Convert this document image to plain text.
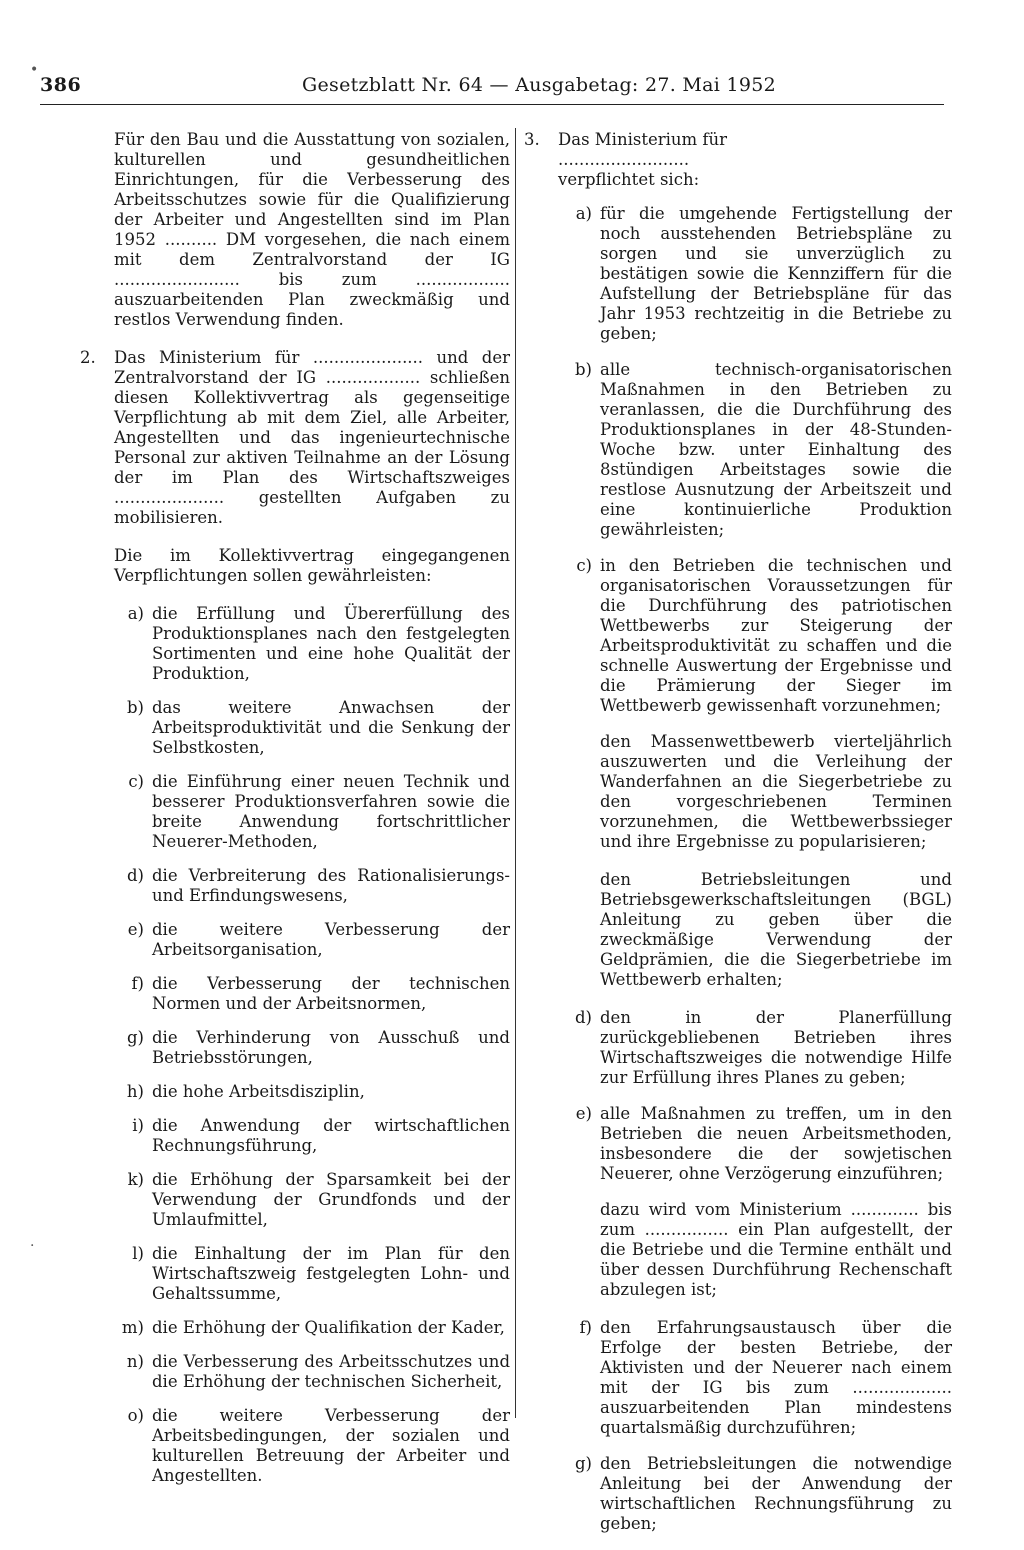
386	Gesetzblatt Nr. 64 — Ausgabetag: 27. Mai 1952

Für den Bau und die Ausstattung von sozialen, kulturellen und gesundheitlichen Einrichtungen, für die Verbesserung des Arbeitsschutzes sowie für die Qualifizierung der Arbeiter und Angestellten sind im Plan 1952 .......... DM vorgesehen, die nach einem mit dem Zentralvorstand der IG ........................ bis zum .................. auszuarbeitenden Plan zweckmäßig und restlos Verwendung finden.

2.	Das Ministerium für ..................... und der Zentralvorstand der IG .................. schließen diesen Kollektivvertrag als gegenseitige Verpflichtung ab mit dem Ziel, alle Arbeiter, Angestellten und das ingenieurtechnische Personal zur aktiven Teilnahme an der Lösung der im Plan des Wirtschaftszweiges ..................... gestellten Aufgaben zu mobilisieren.

Die im Kollektivvertrag eingegangenen Verpflichtungen sollen gewährleisten:

a) die Erfüllung und Übererfüllung des Produktionsplanes nach den festgelegten Sortimenten und eine hohe Qualität der Produktion,
b) das weitere Anwachsen der Arbeitsproduktivität und die Senkung der Selbstkosten,
c) die Einführung einer neuen Technik und besserer Produktionsverfahren sowie die breite Anwendung fortschrittlicher Neuerer-Methoden,
d) die Verbreiterung des Rationalisierungs- und Erfindungswesens,
e) die weitere Verbesserung der Arbeitsorganisation,
f) die Verbesserung der technischen Normen und der Arbeitsnormen,
g) die Verhinderung von Ausschuß und Betriebsstörungen,
h) die hohe Arbeitsdisziplin,
i) die Anwendung der wirtschaftlichen Rechnungsführung,
k) die Erhöhung der Sparsamkeit bei der Verwendung der Grundfonds und der Umlaufmittel,
l) die Einhaltung der im Plan für den Wirtschaftszweig festgelegten Lohn- und Gehaltssumme,
m) die Erhöhung der Qualifikation der Kader,
n) die Verbesserung des Arbeitsschutzes und die Erhöhung der technischen Sicherheit,
o) die weitere Verbesserung der Arbeitsbedingungen, der sozialen und kulturellen Betreuung der Arbeiter und Angestellten.
3.	Das Ministerium für ......................... verpflichtet sich:

a) für die umgehende Fertigstellung der noch ausstehenden Betriebspläne zu sorgen und sie unverzüglich zu bestätigen sowie die Kennziffern für die Aufstellung der Betriebspläne für das Jahr 1953 rechtzeitig in die Betriebe zu geben;
b) alle technisch-organisatorischen Maßnahmen in den Betrieben zu veranlassen, die die Durchführung des Produktionsplanes in der 48-Stunden-Woche bzw. unter Einhaltung des 8stündigen Arbeitstages sowie die restlose Ausnutzung der Arbeitszeit und eine kontinuierliche Produktion gewährleisten;
c) in den Betrieben die technischen und organisatorischen Voraussetzungen für die Durchführung des patriotischen Wettbewerbs zur Steigerung der Arbeitsproduktivität zu schaffen und die schnelle Auswertung der Ergebnisse und die Prämierung der Sieger im Wettbewerb gewissenhaft vorzunehmen;

den Massenwettbewerb vierteljährlich auszuwerten und die Verleihung der Wanderfahnen an die Siegerbetriebe zu den vorgeschriebenen Terminen vorzunehmen, die Wettbewerbssieger und ihre Ergebnisse zu popularisieren;

den Betriebsleitungen und Betriebsgewerkschaftsleitungen (BGL) Anleitung zu geben über die zweckmäßige Verwendung der Geldprämien, die die Siegerbetriebe im Wettbewerb erhalten;

d) den in der Planerfüllung zurückgebliebenen Betrieben ihres Wirtschaftszweiges die notwendige Hilfe zur Erfüllung ihres Planes zu geben;
e) alle Maßnahmen zu treffen, um in den Betrieben die neuen Arbeitsmethoden, insbesondere die der sowjetischen Neuerer, ohne Verzögerung einzuführen;

dazu wird vom Ministerium ............. bis zum ................ ein Plan aufgestellt, der die Betriebe und die Termine enthält und über dessen Durchführung Rechenschaft abzulegen ist;

f) den Erfahrungsaustausch über die Erfolge der besten Betriebe, der Aktivisten und der Neuerer nach einem mit der IG bis zum ................... auszuarbeitenden Plan mindestens quartalsmäßig durchzuführen;
g) den Betriebsleitungen die notwendige Anleitung bei der Anwendung der wirtschaftlichen Rechnungsführung zu geben;
•
·
